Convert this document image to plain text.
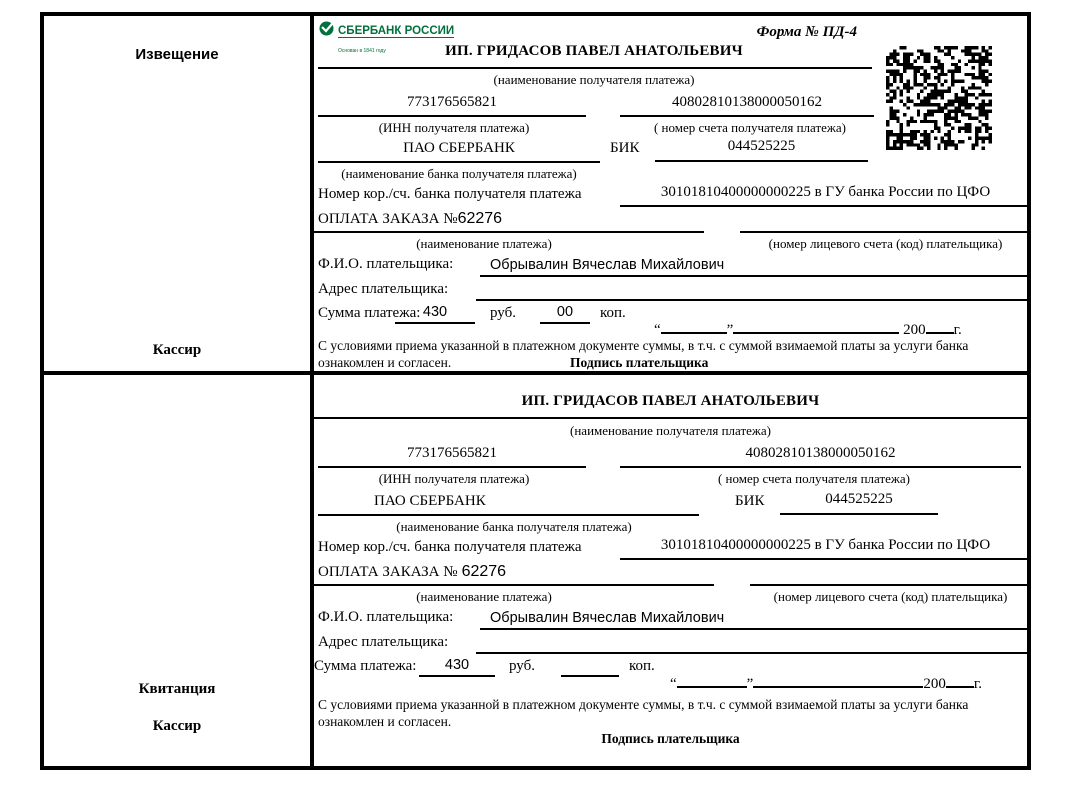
Извещение
Кассир
СБЕРБАНК РОССИИ
Основан в 1841 году
Форма № ПД-4
ИП. ГРИДАСОВ ПАВЕЛ АНАТОЛЬЕВИЧ
(наименование получателя платежа)
773176565821	40802810138000050162
(ИНН получателя платежа)	( номер счета получателя платежа)
ПАО СБЕРБАНК	БИК	044525225
(наименование банка получателя платежа)
Номер кор./сч. банка получателя платежа	30101810400000000225 в ГУ банка России по ЦФО
ОПЛАТА ЗАКАЗА №62276
(наименование платежа)	(номер лицевого счета (код) плательщика)
Ф.И.О. плательщика:	Обрывалин Вячеслав Михайлович
Адрес плательщика:
Сумма платежа: 430	руб.	00	коп.
“	”	200 г.
С условиями приема указанной в платежном документе суммы, в т.ч. с суммой взимаемой платы за услуги банка
ознакомлен и согласен.	Подпись плательщика
Квитанция
Кассир
ИП. ГРИДАСОВ ПАВЕЛ АНАТОЛЬЕВИЧ
(наименование получателя платежа)
773176565821	40802810138000050162
(ИНН получателя платежа)	( номер счета получателя платежа)
ПАО СБЕРБАНК	БИК	044525225
(наименование банка получателя платежа)
Номер кор./сч. банка получателя платежа	30101810400000000225 в ГУ банка России по ЦФО
ОПЛАТА ЗАКАЗА № 62276
(наименование платежа)	(номер лицевого счета (код) плательщика)
Ф.И.О. плательщика:	Обрывалин Вячеслав Михайлович
Адрес плательщика:
Сумма платежа:	430	руб.	коп.
“	”	200 г.
С условиями приема указанной в платежном документе суммы, в т.ч. с суммой взимаемой платы за услуги банка
ознакомлен и согласен.
Подпись плательщика
